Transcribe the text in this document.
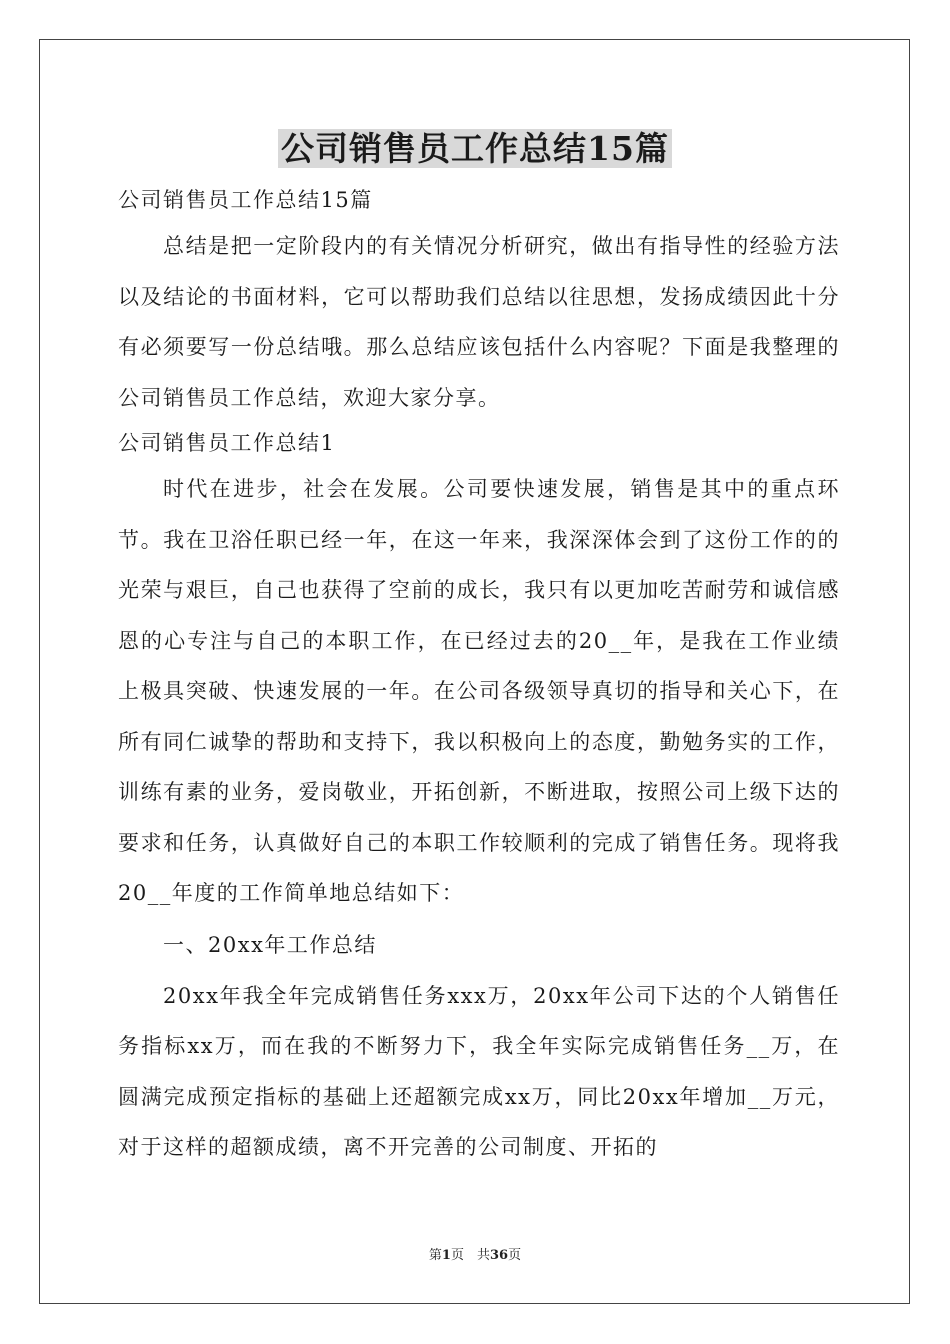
公司销售员工作总结15篇

公司销售员工作总结15篇

总结是把一定阶段内的有关情况分析研究，做出有指导性的经验方法以及结论的书面材料，它可以帮助我们总结以往思想，发扬成绩因此十分有必须要写一份总结哦。那么总结应该包括什么内容呢？下面是我整理的公司销售员工作总结，欢迎大家分享。

公司销售员工作总结1

时代在进步，社会在发展。公司要快速发展，销售是其中的重点环节。我在卫浴任职已经一年，在这一年来，我深深体会到了这份工作的的光荣与艰巨，自己也获得了空前的成长，我只有以更加吃苦耐劳和诚信感恩的心专注与自己的本职工作，在已经过去的20__年，是我在工作业绩上极具突破、快速发展的一年。在公司各级领导真切的指导和关心下，在所有同仁诚挚的帮助和支持下，我以积极向上的态度，勤勉务实的工作，训练有素的业务，爱岗敬业，开拓创新，不断进取，按照公司上级下达的要求和任务，认真做好自己的本职工作较顺利的完成了销售任务。现将我20__年度的工作简单地总结如下：

一、20xx年工作总结

20xx年我全年完成销售任务xxx万，20xx年公司下达的个人销售任务指标xx万，而在我的不断努力下，我全年实际完成销售任务__万，在圆满完成预定指标的基础上还超额完成xx万，同比20xx年增加__万元，对于这样的超额成绩，离不开完善的公司制度、开拓的

第1页　共36页
